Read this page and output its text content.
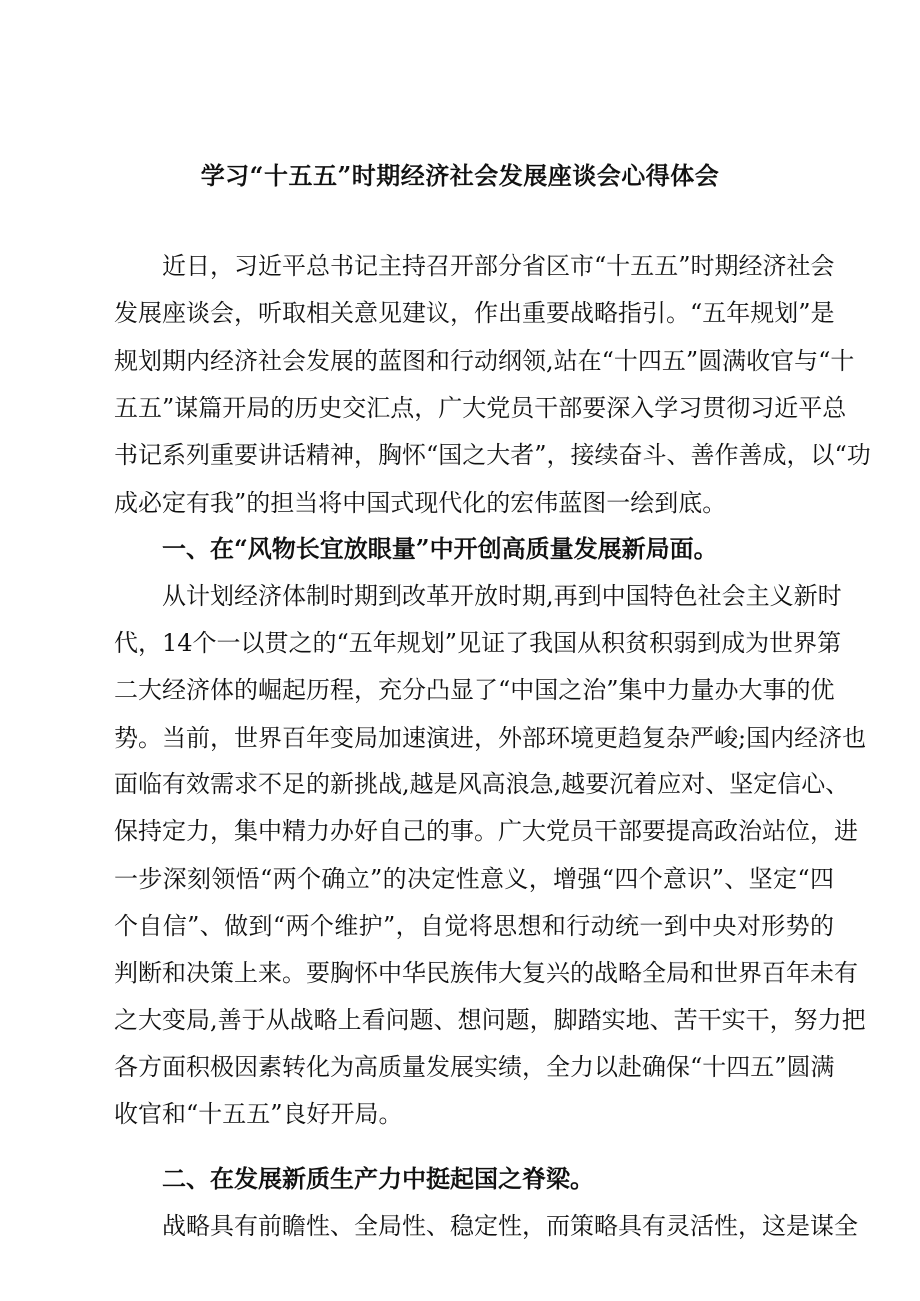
学习“十五五”时期经济社会发展座谈会心得体会
　　近日，习近平总书记主持召开部分省区市“十五五”时期经济社会
发展座谈会，听取相关意见建议，作出重要战略指引。“五年规划”是
规划期内经济社会发展的蓝图和行动纲领,站在“十四五”圆满收官与“十
五五”谋篇开局的历史交汇点，广大党员干部要深入学习贯彻习近平总
书记系列重要讲话精神，胸怀“国之大者”，接续奋斗、善作善成，以“功
成必定有我”的担当将中国式现代化的宏伟蓝图一绘到底。
　　一、在“风物长宜放眼量”中开创高质量发展新局面。
　　从计划经济体制时期到改革开放时期,再到中国特色社会主义新时
代，14个一以贯之的“五年规划”见证了我国从积贫积弱到成为世界第
二大经济体的崛起历程，充分凸显了“中国之治”集中力量办大事的优
势。当前，世界百年变局加速演进，外部环境更趋复杂严峻;国内经济也
面临有效需求不足的新挑战,越是风高浪急,越要沉着应对、坚定信心、
保持定力，集中精力办好自己的事。广大党员干部要提高政治站位，进
一步深刻领悟“两个确立”的决定性意义，增强“四个意识”、坚定“四
个自信”、做到“两个维护”，自觉将思想和行动统一到中央对形势的
判断和决策上来。要胸怀中华民族伟大复兴的战略全局和世界百年未有
之大变局,善于从战略上看问题、想问题，脚踏实地、苦干实干，努力把
各方面积极因素转化为高质量发展实绩，全力以赴确保“十四五”圆满
收官和“十五五”良好开局。
　　二、在发展新质生产力中挺起国之脊梁。
　　战略具有前瞻性、全局性、稳定性，而策略具有灵活性，这是谋全
